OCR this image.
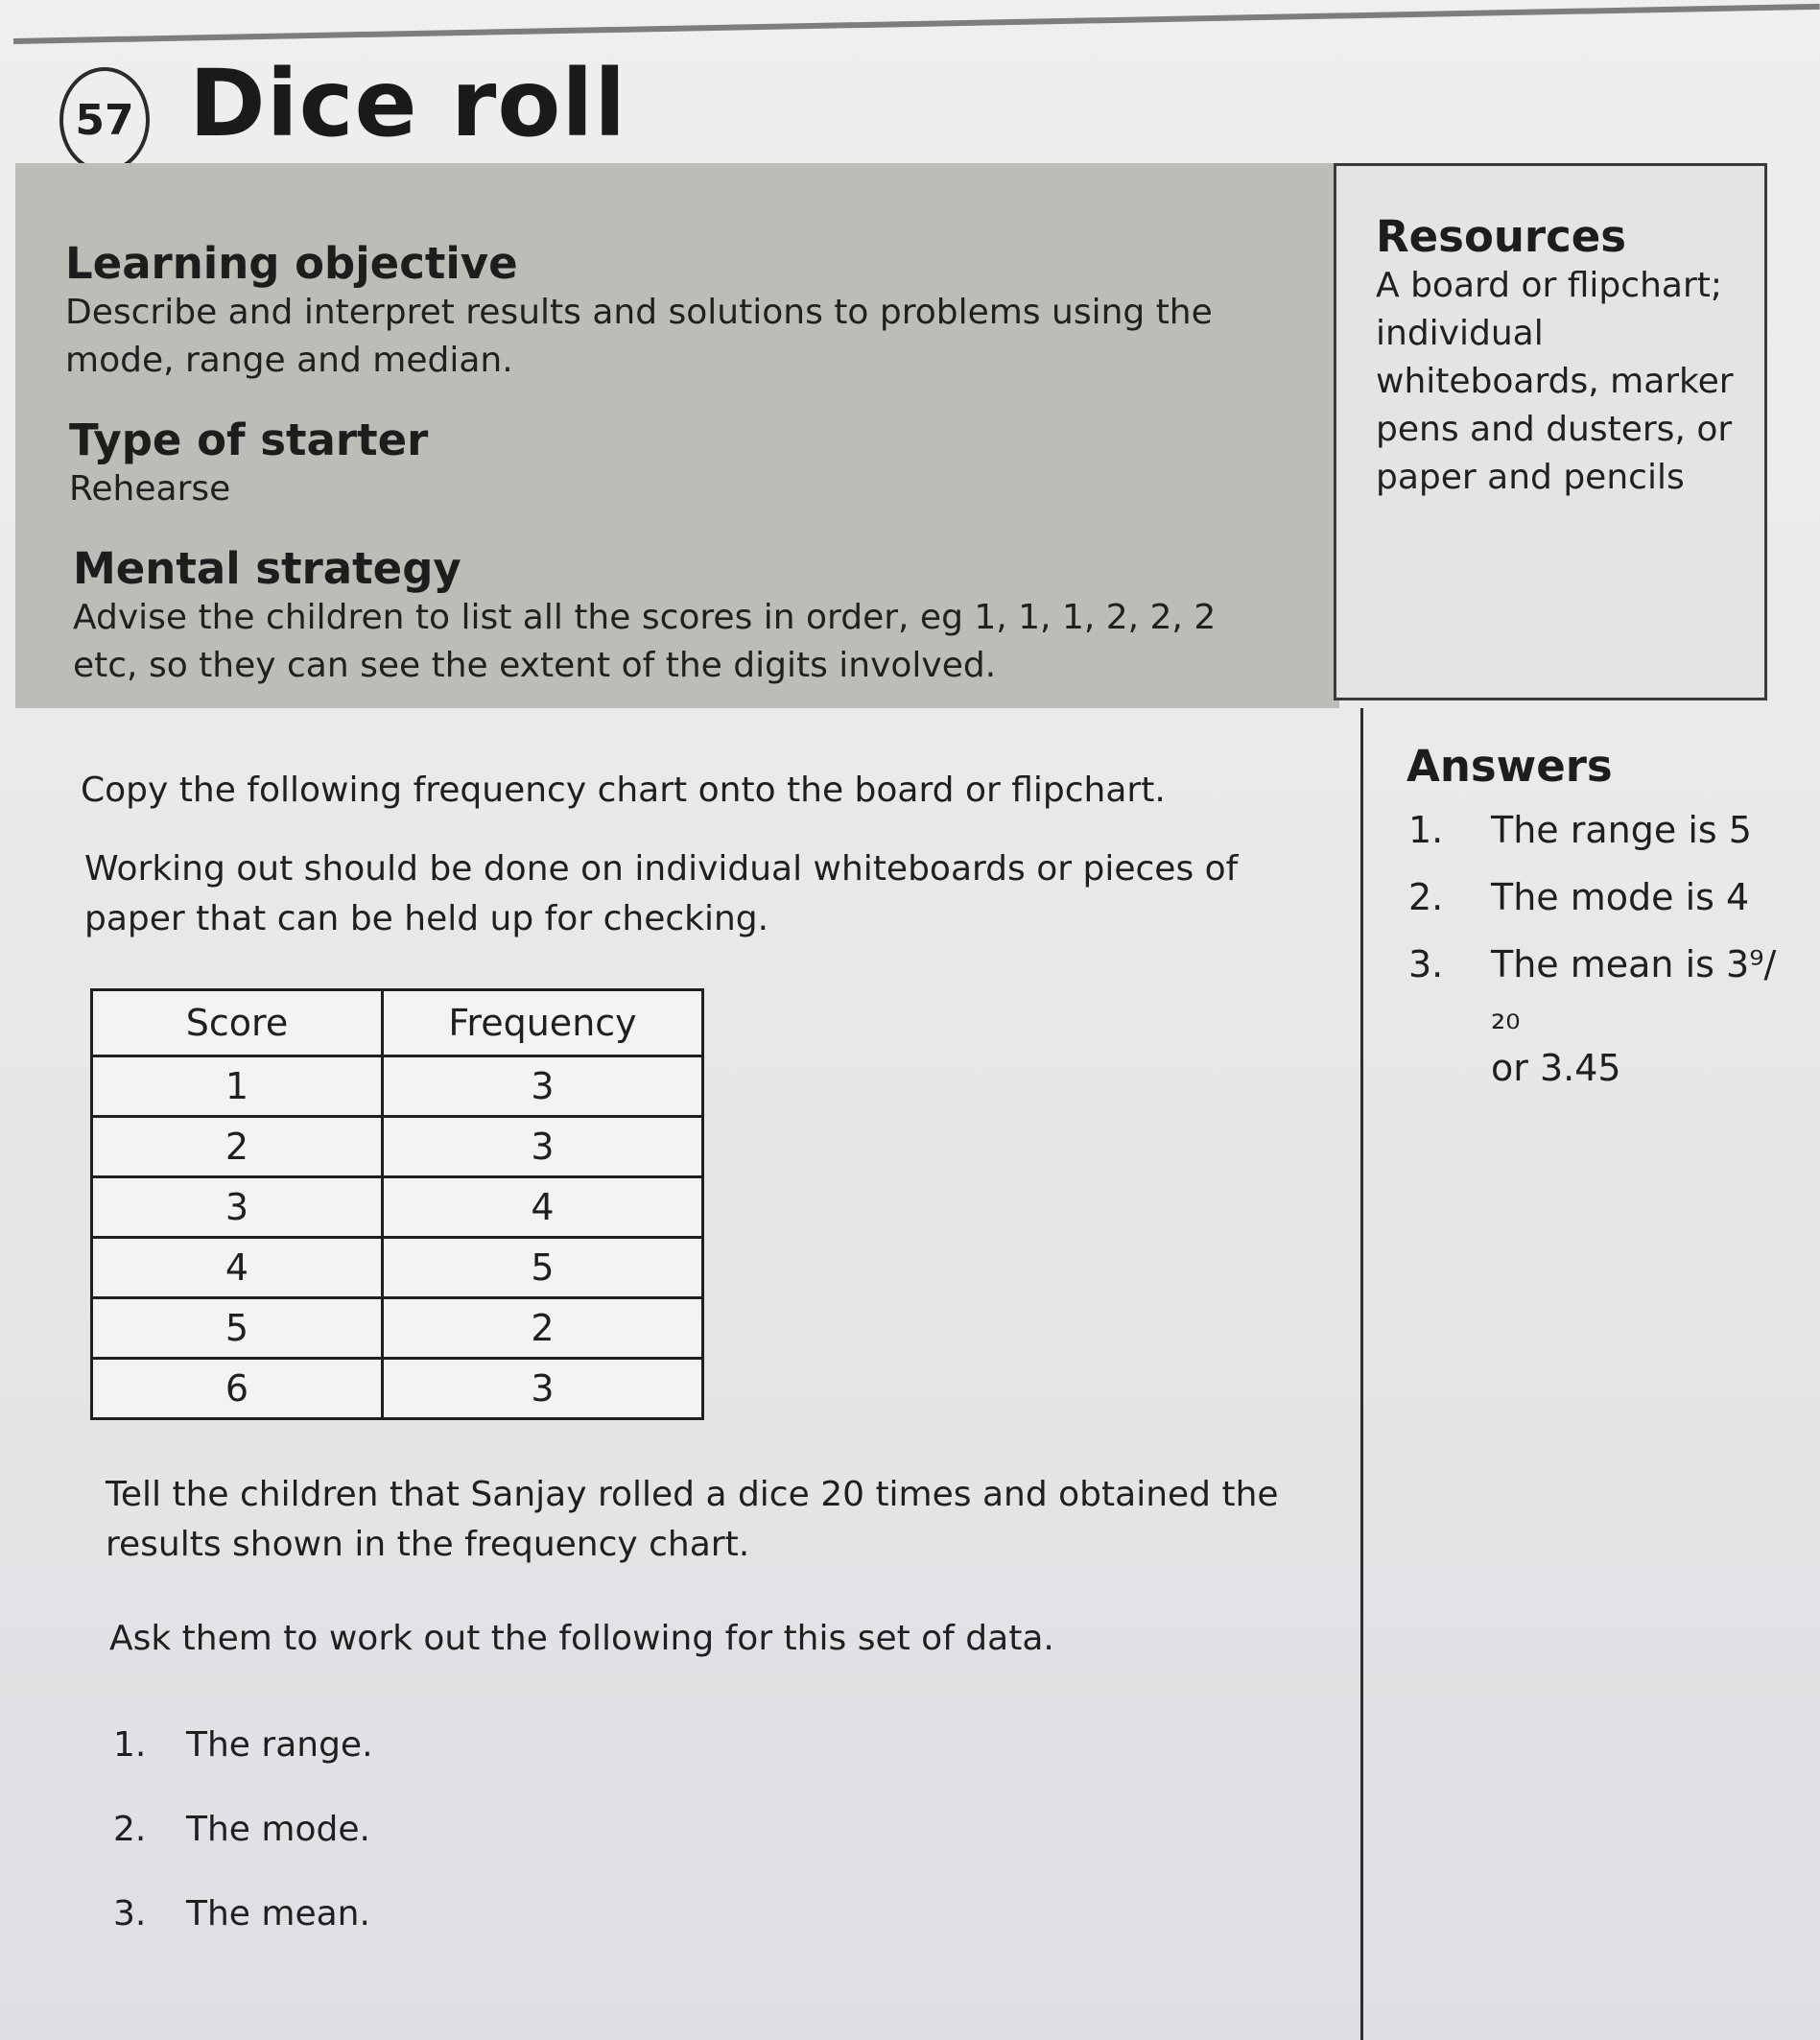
57 Dice roll
Learning objective

Describe and interpret results and solutions to problems using the mode, range and median.

Type of starter

Rehearse

Mental strategy

Advise the children to list all the scores in order, eg 1, 1, 1, 2, 2, 2 etc, so they can see the extent of the digits involved.

Resources

A board or flipchart; individual whiteboards, marker pens and dusters, or paper and pencils

Copy the following frequency chart onto the board or flipchart.

Working out should be done on individual whiteboards or pieces of paper that can be held up for checking.

Score	Frequency
1	3
2	3
3	4
4	5
5	2
6	3

Tell the children that Sanjay rolled a dice 20 times and obtained the results shown in the frequency chart.

Ask them to work out the following for this set of data.

1.	The range.
2.	The mode.
3.	The mean.
Answers
1.	The range is 5
2.	The mode is 4
3.	The mean is 3⁹/₂₀
or 3.45
